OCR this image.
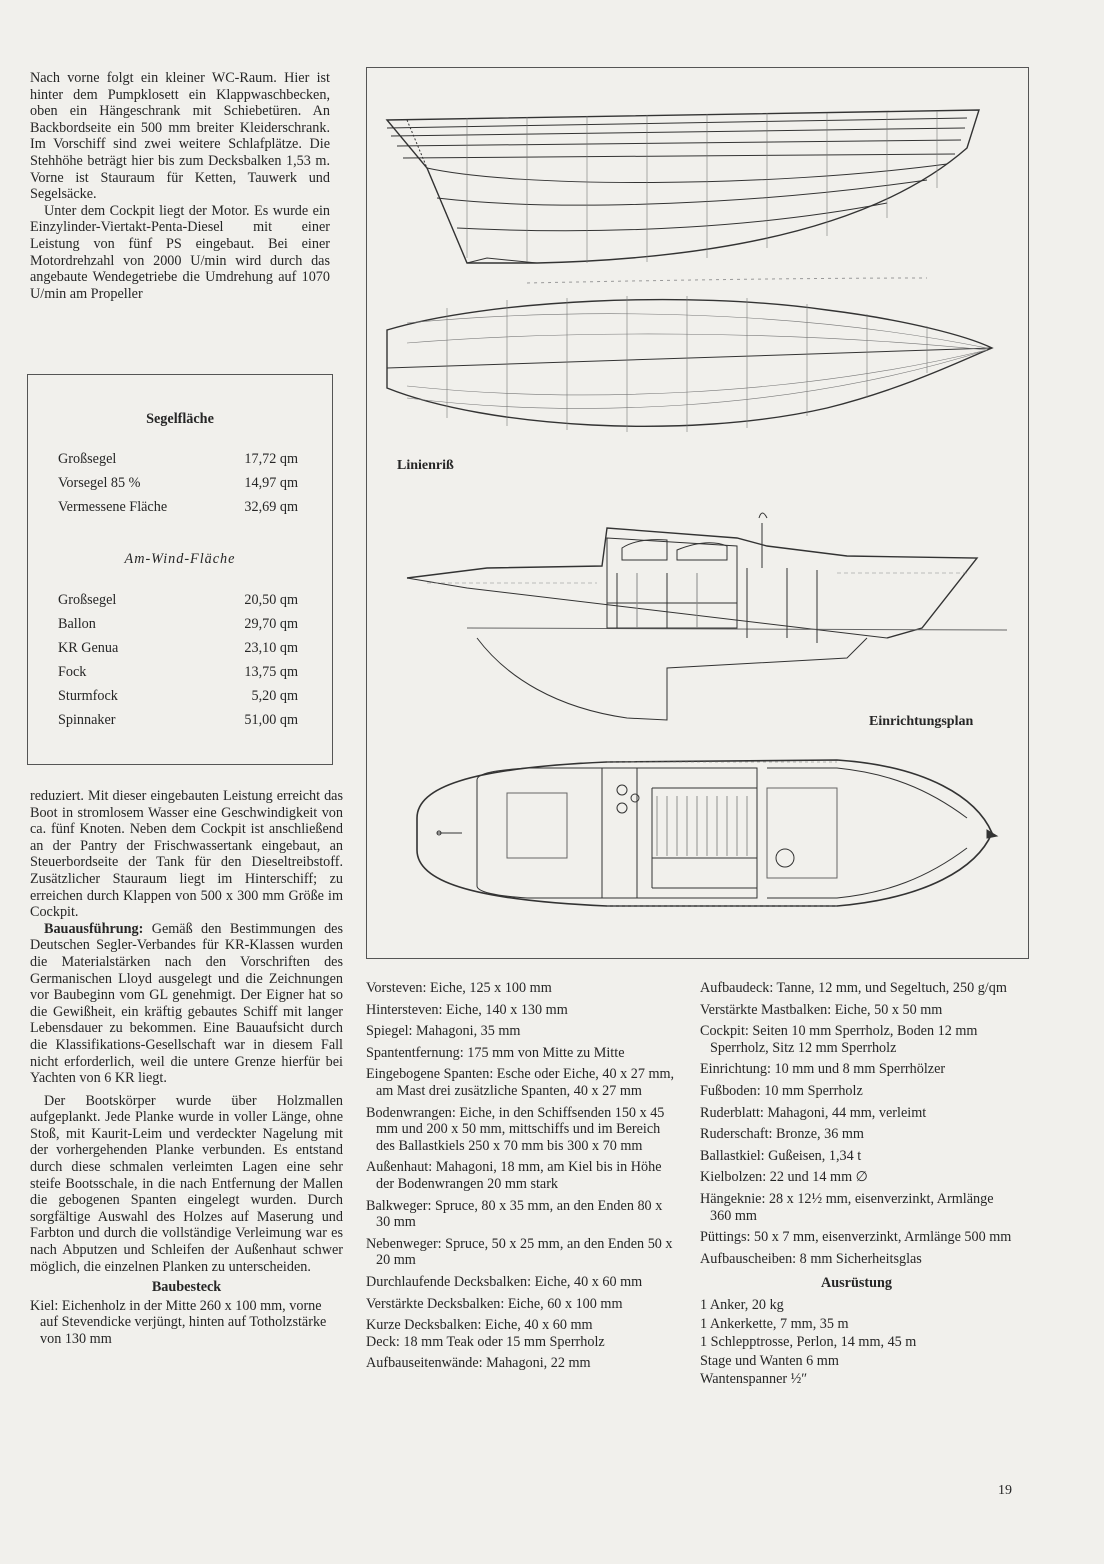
Nach vorne folgt ein kleiner WC-Raum. Hier ist hinter dem Pumpklosett ein Klappwaschbecken, oben ein Hängeschrank mit Schiebetüren. An Backbordseite ein 500 mm breiter Kleiderschrank. Im Vorschiff sind zwei weitere Schlafplätze. Die Stehhöhe beträgt hier bis zum Decksbalken 1,53 m. Vorne ist Stauraum für Ketten, Tauwerk und Segelsäcke.

Unter dem Cockpit liegt der Motor. Es wurde ein Einzylinder-Viertakt-Penta-Diesel mit einer Leistung von fünf PS eingebaut. Bei einer Motordrehzahl von 2000 U/min wird durch das angebaute Wendegetriebe die Umdrehung auf 1070 U/min am Propeller

Segelfläche
Großsegel	17,72 qm
Vorsegel 85 %	14,97 qm
Vermessene Fläche	32,69 qm
Am-Wind-Fläche
Großsegel	20,50 qm
Ballon	29,70 qm
KR Genua	23,10 qm
Fock	13,75 qm
Sturmfock	5,20 qm
Spinnaker	51,00 qm

reduziert. Mit dieser eingebauten Leistung erreicht das Boot in stromlosem Wasser eine Geschwindigkeit von ca. fünf Knoten. Neben dem Cockpit ist anschließend an der Pantry der Frischwassertank eingebaut, an Steuerbordseite der Tank für den Dieseltreibstoff. Zusätzlicher Stauraum liegt im Hinterschiff; zu erreichen durch Klappen von 500 x 300 mm Größe im Cockpit.

Bauausführung: Gemäß den Bestimmungen des Deutschen Segler-Verbandes für KR-Klassen wurden die Materialstärken nach den Vorschriften des Germanischen Lloyd ausgelegt und die Zeichnungen vor Baubeginn vom GL genehmigt. Der Eigner hat so die Gewißheit, ein kräftig gebautes Schiff mit langer Lebensdauer zu bekommen. Eine Bauaufsicht durch die Klassifikations-Gesellschaft war in diesem Fall nicht erforderlich, weil die untere Grenze hierfür bei Yachten von 6 KR liegt.

Der Bootskörper wurde über Holzmallen aufgeplankt. Jede Planke wurde in voller Länge, ohne Stoß, mit Kaurit-Leim und verdeckter Nagelung mit der vorhergehenden Planke verbunden. Es entstand durch diese schmalen verleimten Lagen eine sehr steife Bootsschale, in die nach Entfernung der Mallen die gebogenen Spanten eingelegt wurden. Durch sorgfältige Auswahl des Holzes auf Maserung und Farbton und durch die vollständige Verleimung war es nach Abputzen und Schleifen der Außenhaut schwer möglich, die einzelnen Planken zu unterscheiden.

Baubesteck

Kiel: Eichenholz in der Mitte 260 x 100 mm, vorne auf Stevendicke verjüngt, hinten auf Totholzstärke von 130 mm

Linienriß
Einrichtungsplan

Vorsteven: Eiche, 125 x 100 mm

Hintersteven: Eiche, 140 x 130 mm

Spiegel: Mahagoni, 35 mm

Spantentfernung: 175 mm von Mitte zu Mitte

Eingebogene Spanten: Esche oder Eiche, 40 x 27 mm, am Mast drei zusätzliche Spanten, 40 x 27 mm

Bodenwrangen: Eiche, in den Schiffsenden 150 x 45 mm und 200 x 50 mm, mittschiffs und im Bereich des Ballastkiels 250 x 70 mm bis 300 x 70 mm

Außenhaut: Mahagoni, 18 mm, am Kiel bis in Höhe der Bodenwrangen 20 mm stark

Balkweger: Spruce, 80 x 35 mm, an den Enden 80 x 30 mm

Nebenweger: Spruce, 50 x 25 mm, an den Enden 50 x 20 mm

Durchlaufende Decksbalken: Eiche, 40 x 60 mm

Verstärkte Decksbalken: Eiche, 60 x 100 mm

Kurze Decksbalken: Eiche, 40 x 60 mm

Deck: 18 mm Teak oder 15 mm Sperrholz

Aufbauseitenwände: Mahagoni, 22 mm

Aufbaudeck: Tanne, 12 mm, und Segeltuch, 250 g/qm

Verstärkte Mastbalken: Eiche, 50 x 50 mm

Cockpit: Seiten 10 mm Sperrholz, Boden 12 mm Sperrholz, Sitz 12 mm Sperrholz

Einrichtung: 10 mm und 8 mm Sperrhölzer

Fußboden: 10 mm Sperrholz

Ruderblatt: Mahagoni, 44 mm, verleimt

Ruderschaft: Bronze, 36 mm

Ballastkiel: Gußeisen, 1,34 t

Kielbolzen: 22 und 14 mm ∅

Hängeknie: 28 x 12½ mm, eisenverzinkt, Armlänge 360 mm

Püttings: 50 x 7 mm, eisenverzinkt, Armlänge 500 mm

Aufbauscheiben: 8 mm Sicherheitsglas

Ausrüstung

1 Anker, 20 kg

1 Ankerkette, 7 mm, 35 m

1 Schlepptrosse, Perlon, 14 mm, 45 m

Stage und Wanten 6 mm

Wantenspanner ½″

19
